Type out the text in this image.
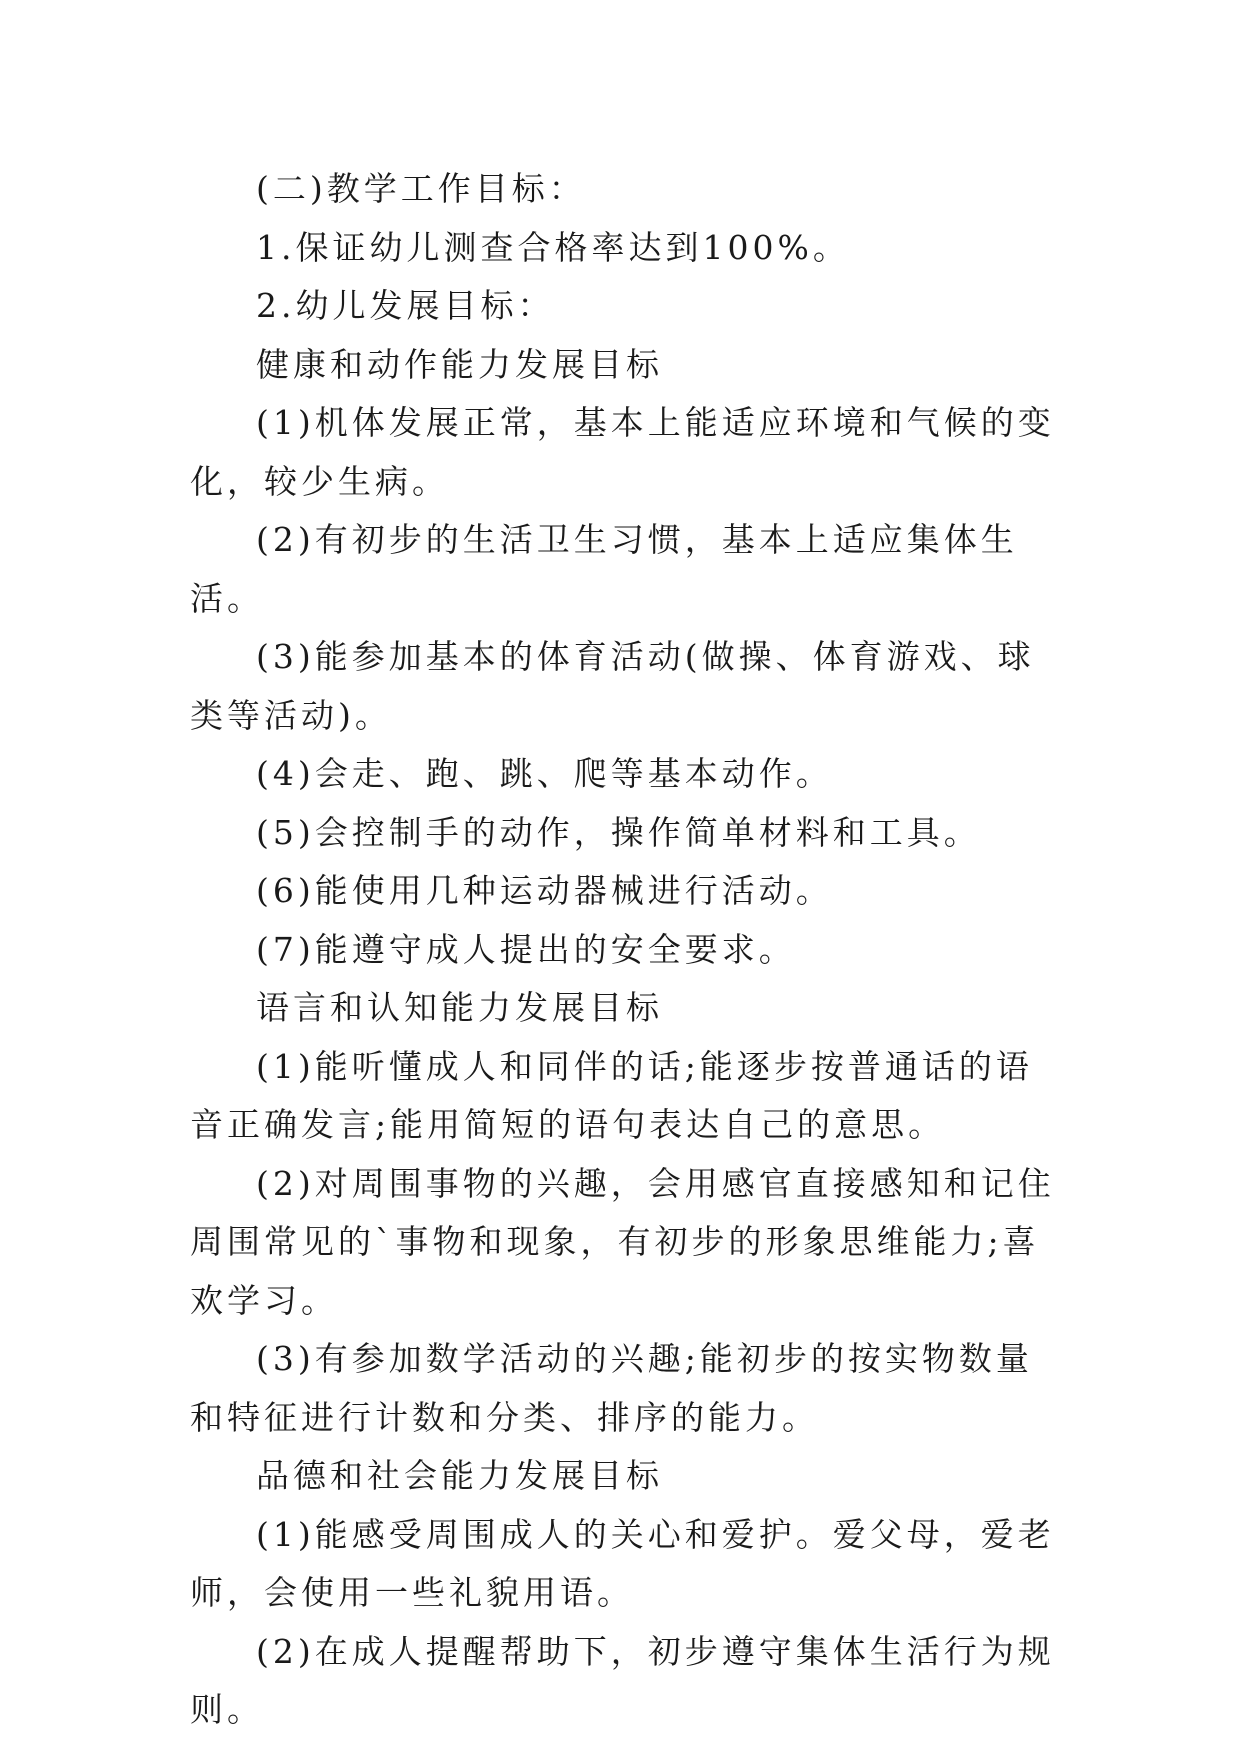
(二)教学工作目标：

1.保证幼儿测查合格率达到100%。

2.幼儿发展目标：

健康和动作能力发展目标

(1)机体发展正常，基本上能适应环境和气候的变化，较少生病。

(2)有初步的生活卫生习惯，基本上适应集体生活。

(3)能参加基本的体育活动(做操、体育游戏、球类等活动)。

(4)会走、跑、跳、爬等基本动作。

(5)会控制手的动作，操作简单材料和工具。

(6)能使用几种运动器械进行活动。

(7)能遵守成人提出的安全要求。

语言和认知能力发展目标

(1)能听懂成人和同伴的话;能逐步按普通话的语音正确发言;能用简短的语句表达自己的意思。

(2)对周围事物的兴趣，会用感官直接感知和记住周围常见的`事物和现象，有初步的形象思维能力;喜欢学习。

(3)有参加数学活动的兴趣;能初步的按实物数量和特征进行计数和分类、排序的能力。

品德和社会能力发展目标

(1)能感受周围成人的关心和爱护。爱父母，爱老师，会使用一些礼貌用语。

(2)在成人提醒帮助下，初步遵守集体生活行为规则。
